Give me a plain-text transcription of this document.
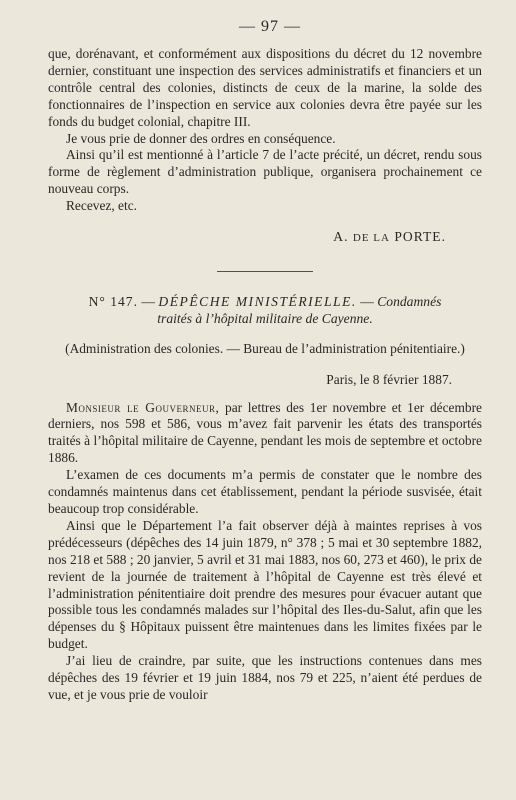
— 97 —

que, dorénavant, et conformément aux dispositions du décret du 12 novembre dernier, constituant une inspection des services administratifs et financiers et un contrôle central des colonies, distincts de ceux de la marine, la solde des fonctionnaires de l’inspection en service aux colonies devra être payée sur les fonds du budget colonial, chapitre III.

Je vous prie de donner des ordres en conséquence.

Ainsi qu’il est mentionné à l’article 7 de l’acte précité, un décret, rendu sous forme de règlement d’administration publique, organisera prochainement ce nouveau corps.

Recevez, etc.

A. DE LA PORTE.

N° 147. — DÉPÊCHE MINISTÉRIELLE. — Condamnés
traités à l’hôpital militaire de Cayenne.

(Administration des colonies. — Bureau de l’administration pénitentiaire.)

Paris, le 8 février 1887.

Monsieur le Gouverneur, par lettres des 1er novembre et 1er décembre derniers, nos 598 et 586, vous m’avez fait parvenir les états des transportés traités à l’hôpital militaire de Cayenne, pendant les mois de septembre et octobre 1886.

L’examen de ces documents m’a permis de constater que le nombre des condamnés maintenus dans cet établissement, pendant la période susvisée, était beaucoup trop considérable.

Ainsi que le Département l’a fait observer déjà à maintes reprises à vos prédécesseurs (dépêches des 14 juin 1879, n° 378 ; 5 mai et 30 septembre 1882, nos 218 et 588 ; 20 janvier, 5 avril et 31 mai 1883, nos 60, 273 et 460), le prix de revient de la journée de traitement à l’hôpital de Cayenne est très élevé et l’administration pénitentiaire doit prendre des mesures pour évacuer autant que possible tous les condamnés malades sur l’hôpital des Iles-du-Salut, afin que les dépenses du § Hôpitaux puissent être maintenues dans les limites fixées par le budget.

J’ai lieu de craindre, par suite, que les instructions contenues dans mes dépêches des 19 février et 19 juin 1884, nos 79 et 225, n’aient été perdues de vue, et je vous prie de vouloir
